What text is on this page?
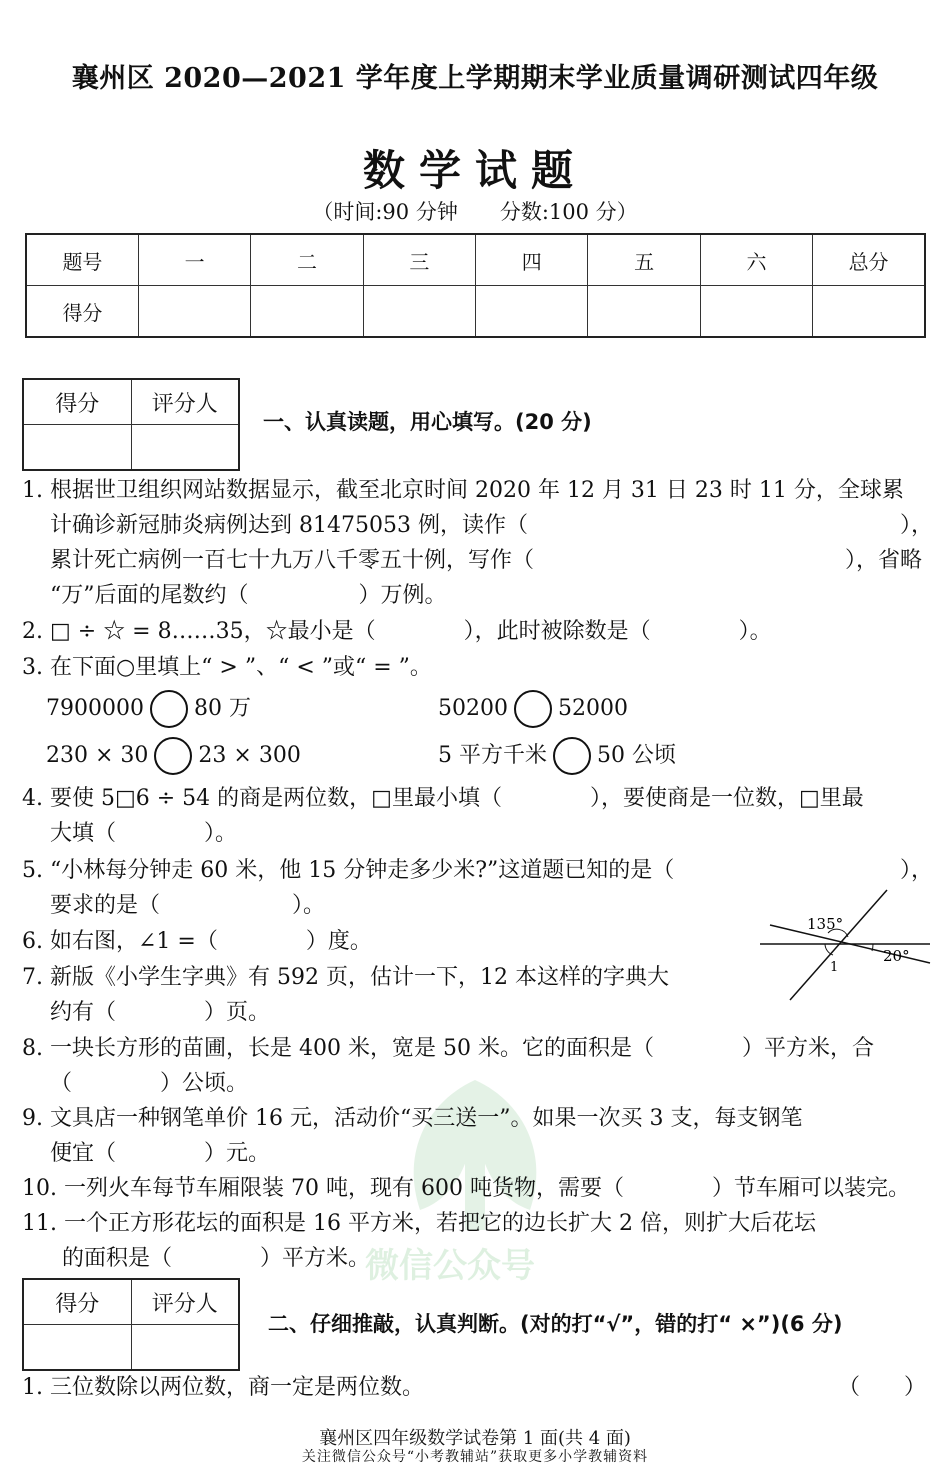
襄州区 2020—2021 学年度上学期期末学业质量调研测试四年级
数学试题
（时间:90 分钟　　分数:100 分）
题号	一	二	三	四	五	六	总分
得分							
得分	评分人

一、认真读题，用心填写。(20 分)
微信公众号
1. 根据世卫组织网站数据显示，截至北京时间 2020 年 12 月 31 日 23 时 11 分，全球累
计确诊新冠肺炎病例达到 81475053 例，读作（	），
累计死亡病例一百七十九万八千零五十例，写作（	），省略
“万”后面的尾数约（　　　　　）万例。
2. □ ÷ ☆ = 8……35，☆最小是（　　　　），此时被除数是（　　　　）。
3. 在下面○里填上“ > ”、“ < ”或“ = ”。
7900000 80 万	50200 52000
230 × 30 23 × 300	5 平方千米 50 公顷
4. 要使 5□6 ÷ 54 的商是两位数，□里最小填（　　　　），要使商是一位数，□里最
大填（　　　　）。
5. “小林每分钟走 60 米，他 15 分钟走多少米?”这道题已知的是（	），
要求的是（　　　　　　）。
6. 如右图，∠1 =（　　　　）度。
135°
20°
1
7. 新版《小学生字典》有 592 页，估计一下，12 本这样的字典大
约有（　　　　）页。
8. 一块长方形的苗圃，长是 400 米，宽是 50 米。它的面积是（　　　　）平方米，合
（　　　　）公顷。
9. 文具店一种钢笔单价 16 元，活动价“买三送一”。如果一次买 3 支，每支钢笔
便宜（　　　　）元。
10. 一列火车每节车厢限装 70 吨，现有 600 吨货物，需要（　　　　）节车厢可以装完。
11. 一个正方形花坛的面积是 16 平方米，若把它的边长扩大 2 倍，则扩大后花坛
的面积是（　　　　）平方米。
得分	评分人

二、仔细推敲，认真判断。(对的打“√”，错的打“ ×”)(6 分)
1. 三位数除以两位数，商一定是两位数。	（　　）
襄州区四年级数学试卷第 1 面(共 4 面)
关注微信公众号“小考教辅站”获取更多小学教辅资料
